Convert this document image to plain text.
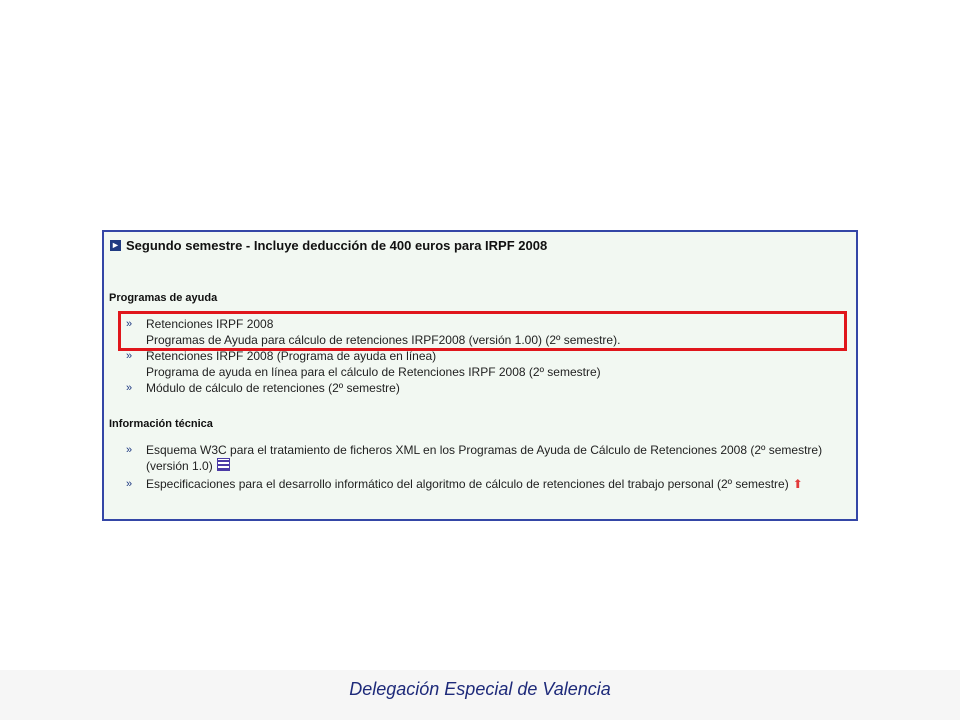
► Segundo semestre - Incluye deducción de 400 euros para IRPF 2008
Programas de ayuda
» Retenciones IRPF 2008
Programas de Ayuda para cálculo de retenciones IRPF2008 (versión 1.00) (2º semestre).
» Retenciones IRPF 2008 (Programa de ayuda en línea)
Programa de ayuda en línea para el cálculo de Retenciones IRPF 2008 (2º semestre)
» Módulo de cálculo de retenciones (2º semestre)
Información técnica
» Esquema W3C para el tratamiento de ficheros XML en los Programas de Ayuda de Cálculo de Retenciones 2008 (2º semestre) (versión 1.0)
» Especificaciones para el desarrollo informático del algoritmo de cálculo de retenciones del trabajo personal (2º semestre) ⬆
Delegación Especial de Valencia
